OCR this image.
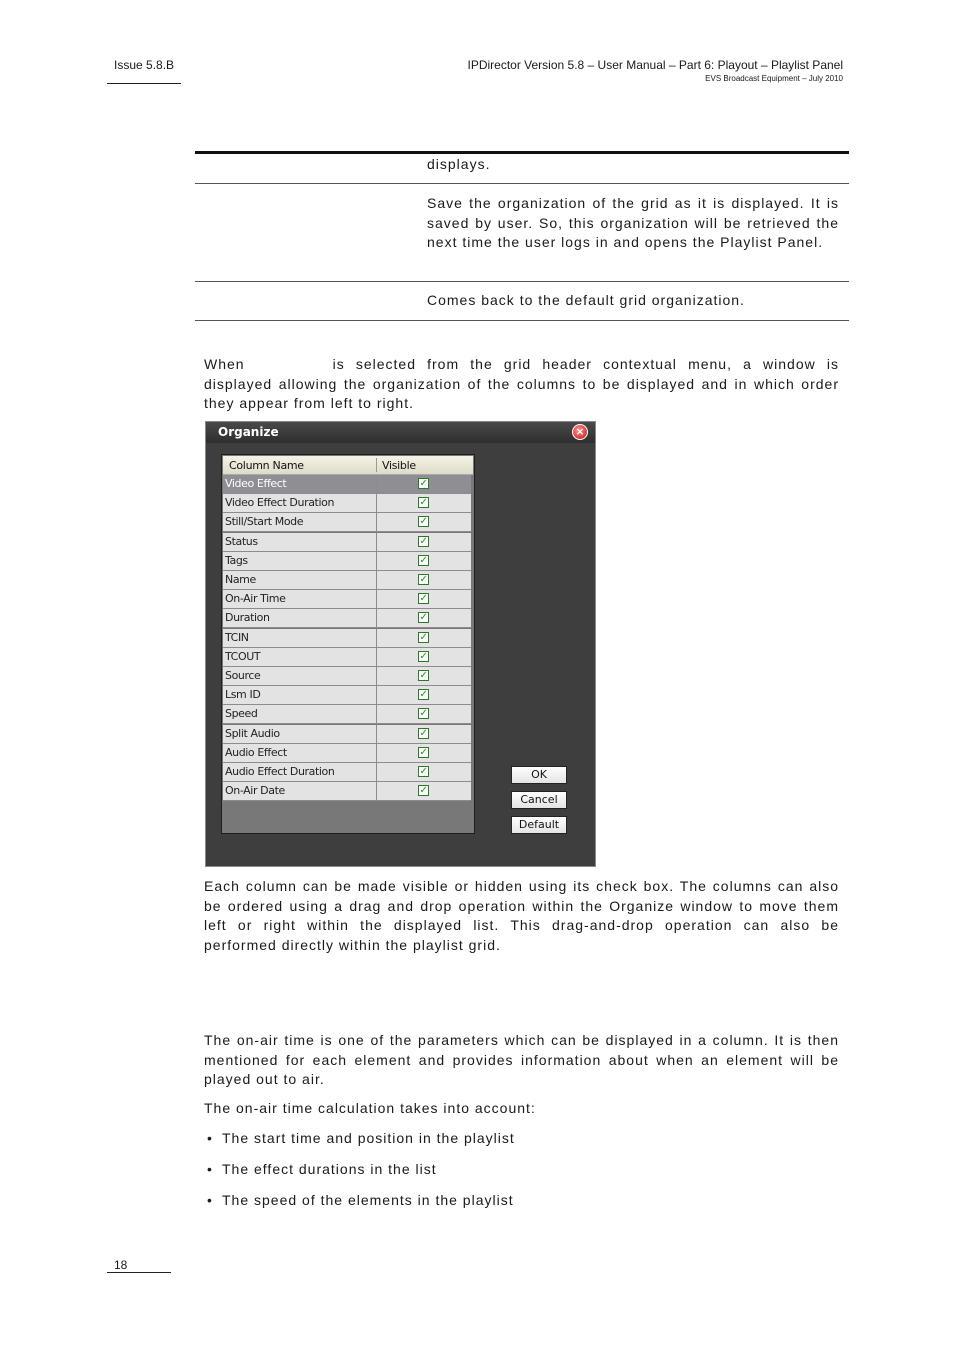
Issue 5.8.B	IPDirector Version 5.8 – User Manual – Part 6: Playout – Playlist Panel
EVS Broadcast Equipment – July 2010
displays.
Save the organization of the grid as it is displayed. It is saved by user. So, this organization will be retrieved the next time the user logs in and opens the Playlist Panel.
Comes back to the default grid organization.
When	is selected from the grid header contextual menu, a window is displayed allowing the organization of the columns to be displayed and in which order they appear from left to right.
Organize	×
Column Name	Visible
Video Effect	✓
Video Effect Duration	✓
Still/Start Mode	✓
Status	✓
Tags	✓
Name	✓
On-Air Time	✓
Duration	✓
TCIN	✓
TCOUT	✓
Source	✓
Lsm ID	✓
Speed	✓
Split Audio	✓
Audio Effect	✓
Audio Effect Duration	✓
On-Air Date	✓
OK
Cancel
Default
Each column can be made visible or hidden using its check box. The columns can also be ordered using a drag and drop operation within the Organize window to move them left or right within the displayed list. This drag-and-drop operation can also be performed directly within the playlist grid.
The on-air time is one of the parameters which can be displayed in a column. It is then mentioned for each element and provides information about when an element will be played out to air.
The on-air time calculation takes into account:
• The start time and position in the playlist
• The effect durations in the list
• The speed of the elements in the playlist
18
